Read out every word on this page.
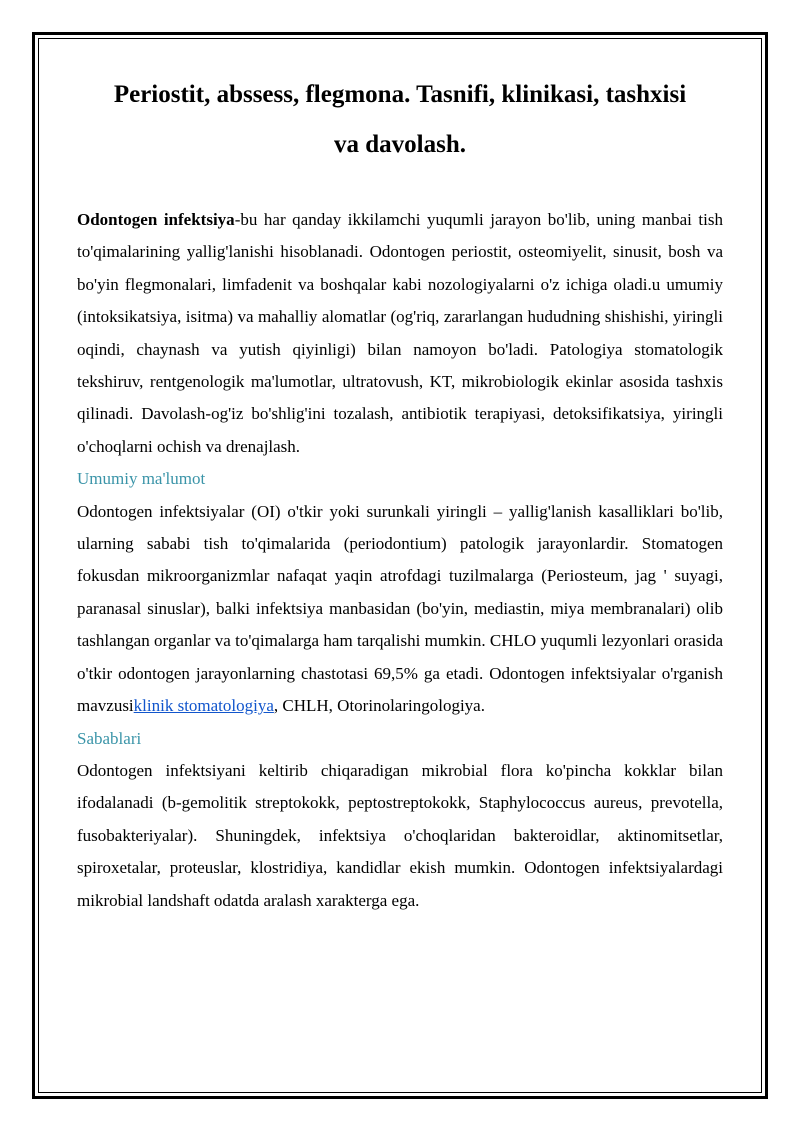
Periostit, abssess, flegmona. Tasnifi, klinikasi, tashxisi
va davolash.

Odontogen infektsiya-bu har qanday ikkilamchi yuqumli jarayon bo'lib, uning manbai tish to'qimalarining yallig'lanishi hisoblanadi. Odontogen periostit, osteomiyelit, sinusit, bosh va bo'yin flegmonalari, limfadenit va boshqalar kabi nozologiyalarni o'z ichiga oladi.u umumiy (intoksikatsiya, isitma) va mahalliy alomatlar (og'riq, zararlangan hududning shishishi, yiringli oqindi, chaynash va yutish qiyinligi) bilan namoyon bo'ladi. Patologiya stomatologik tekshiruv, rentgenologik ma'lumotlar, ultratovush, KT, mikrobiologik ekinlar asosida tashxis qilinadi. Davolash-og'iz bo'shlig'ini tozalash, antibiotik terapiyasi, detoksifikatsiya, yiringli o'choqlarni ochish va drenajlash.

Umumiy ma'lumot

Odontogen infektsiyalar (OI) o'tkir yoki surunkali yiringli – yallig'lanish kasalliklari bo'lib, ularning sababi tish to'qimalarida (periodontium) patologik jarayonlardir. Stomatogen fokusdan mikroorganizmlar nafaqat yaqin atrofdagi tuzilmalarga (Periosteum, jag ' suyagi, paranasal sinuslar), balki infektsiya manbasidan (bo'yin, mediastin, miya membranalari) olib tashlangan organlar va to'qimalarga ham tarqalishi mumkin. CHLO yuqumli lezyonlari orasida o'tkir odontogen jarayonlarning chastotasi 69,5% ga etadi. Odontogen infektsiyalar o'rganish mavzusiklinik stomatologiya, CHLH, Otorinolaringologiya.

Sabablari

Odontogen infektsiyani keltirib chiqaradigan mikrobial flora ko'pincha kokklar bilan ifodalanadi (b-gemolitik streptokokk, peptostreptokokk, Staphylococcus aureus, prevotella, fusobakteriyalar). Shuningdek, infektsiya o'choqlaridan bakteroidlar, aktinomitsetlar, spiroxetalar, proteuslar, klostridiya, kandidlar ekish mumkin. Odontogen infektsiyalardagi mikrobial landshaft odatda aralash xarakterga ega.
